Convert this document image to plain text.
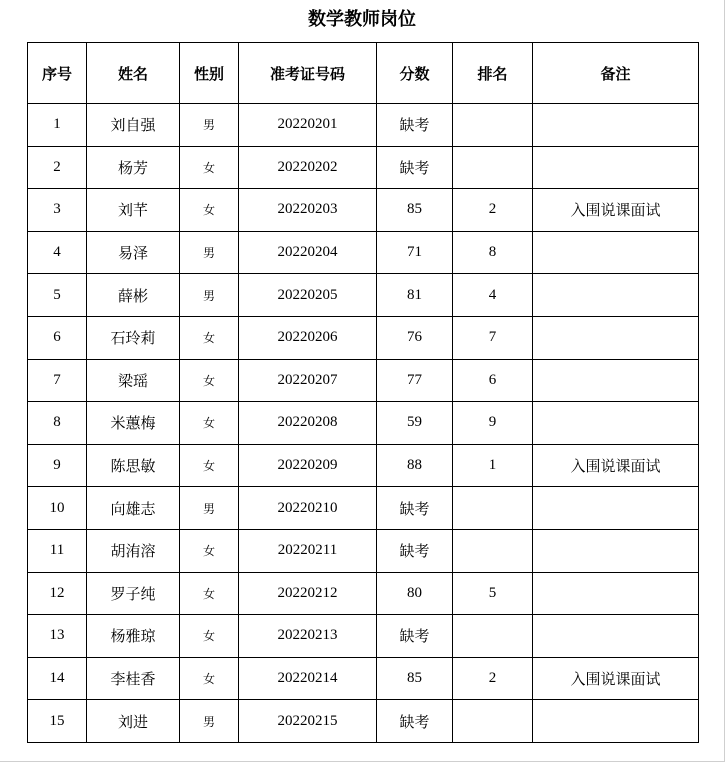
数学教师岗位
序号	姓名	性别	准考证号码	分数	排名	备注
1	刘自强	男	20220201	缺考		
2	杨芳	女	20220202	缺考		
3	刘芊	女	20220203	85	2	入围说课面试
4	易泽	男	20220204	71	8	
5	薛彬	男	20220205	81	4	
6	石玲莉	女	20220206	76	7	
7	梁瑶	女	20220207	77	6	
8	米蕙梅	女	20220208	59	9	
9	陈思敏	女	20220209	88	1	入围说课面试
10	向雄志	男	20220210	缺考		
11	胡洧溶	女	20220211	缺考		
12	罗子纯	女	20220212	80	5	
13	杨雅琼	女	20220213	缺考		
14	李桂香	女	20220214	85	2	入围说课面试
15	刘进	男	20220215	缺考		
